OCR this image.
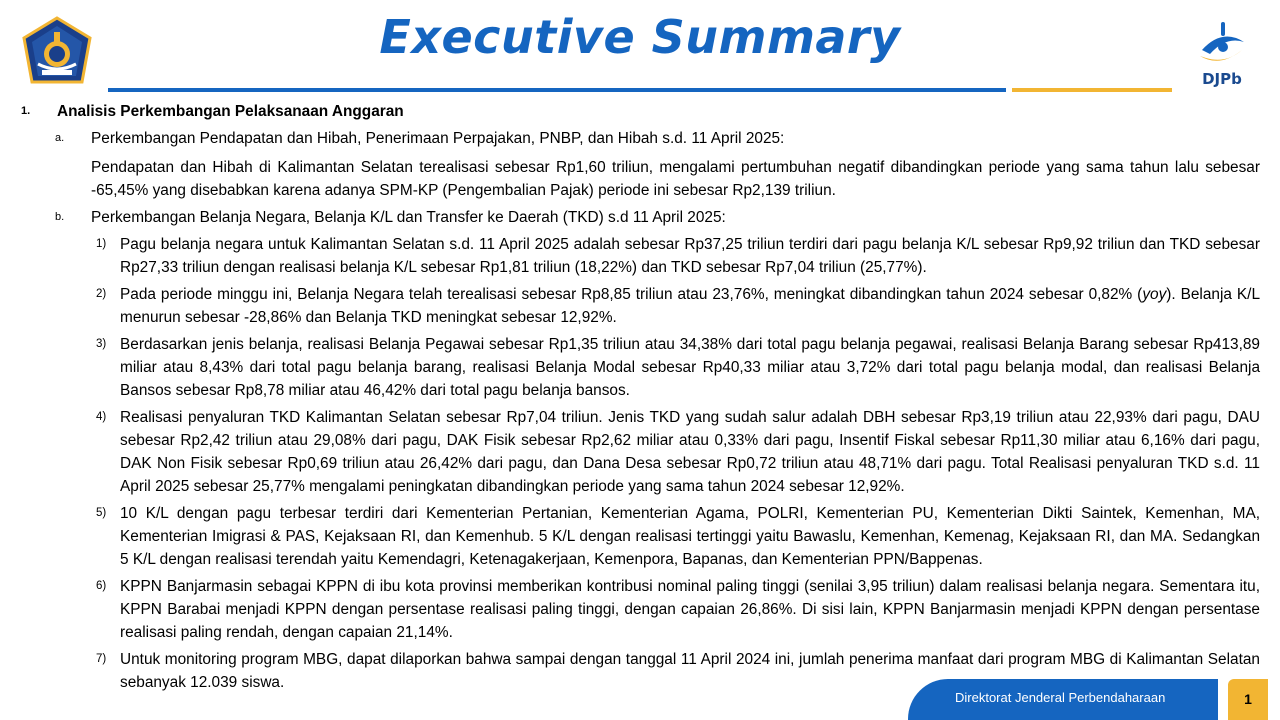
Executive Summary
DJPb
1. Analisis Perkembangan Pelaksanaan Anggaran
a. Perkembangan Pendapatan dan Hibah, Penerimaan Perpajakan, PNBP, dan Hibah s.d. 11 April 2025:
Pendapatan dan Hibah di Kalimantan Selatan terealisasi sebesar Rp1,60 triliun, mengalami pertumbuhan negatif dibandingkan periode yang sama tahun lalu sebesar -65,45% yang disebabkan karena adanya SPM-KP (Pengembalian Pajak) periode ini sebesar Rp2,139 triliun.
b. Perkembangan Belanja Negara, Belanja K/L dan Transfer ke Daerah (TKD) s.d 11 April 2025:
1) Pagu belanja negara untuk Kalimantan Selatan s.d. 11 April 2025 adalah sebesar Rp37,25 triliun terdiri dari pagu belanja K/L sebesar Rp9,92 triliun dan TKD sebesar Rp27,33 triliun dengan realisasi belanja K/L sebesar Rp1,81 triliun (18,22%) dan TKD sebesar Rp7,04 triliun (25,77%).
2) Pada periode minggu ini, Belanja Negara telah terealisasi sebesar Rp8,85 triliun atau 23,76%, meningkat dibandingkan tahun 2024 sebesar 0,82% (yoy). Belanja K/L menurun sebesar -28,86% dan Belanja TKD meningkat sebesar 12,92%.
3) Berdasarkan jenis belanja, realisasi Belanja Pegawai sebesar Rp1,35 triliun atau 34,38% dari total pagu belanja pegawai, realisasi Belanja Barang sebesar Rp413,89 miliar atau 8,43% dari total pagu belanja barang, realisasi Belanja Modal sebesar Rp40,33 miliar atau 3,72% dari total pagu belanja modal, dan realisasi Belanja Bansos sebesar Rp8,78 miliar atau 46,42% dari total pagu belanja bansos.
4) Realisasi penyaluran TKD Kalimantan Selatan sebesar Rp7,04 triliun. Jenis TKD yang sudah salur adalah DBH sebesar Rp3,19 triliun atau 22,93% dari pagu, DAU sebesar Rp2,42 triliun atau 29,08% dari pagu, DAK Fisik sebesar Rp2,62 miliar atau 0,33% dari pagu, Insentif Fiskal sebesar Rp11,30 miliar atau 6,16% dari pagu, DAK Non Fisik sebesar Rp0,69 triliun atau 26,42% dari pagu, dan Dana Desa sebesar Rp0,72 triliun atau 48,71% dari pagu. Total Realisasi penyaluran TKD s.d. 11 April 2025 sebesar 25,77% mengalami peningkatan dibandingkan periode yang sama tahun 2024 sebesar 12,92%.
5) 10 K/L dengan pagu terbesar terdiri dari Kementerian Pertanian, Kementerian Agama, POLRI, Kementerian PU, Kementerian Dikti Saintek, Kemenhan, MA, Kementerian Imigrasi & PAS, Kejaksaan RI, dan Kemenhub. 5 K/L dengan realisasi tertinggi yaitu Bawaslu, Kemenhan, Kemenag, Kejaksaan RI, dan MA. Sedangkan 5 K/L dengan realisasi terendah yaitu Kemendagri, Ketenagakerjaan, Kemenpora, Bapanas, dan Kementerian PPN/Bappenas.
6) KPPN Banjarmasin sebagai KPPN di ibu kota provinsi memberikan kontribusi nominal paling tinggi (senilai 3,95 triliun) dalam realisasi belanja negara. Sementara itu, KPPN Barabai menjadi KPPN dengan persentase realisasi paling tinggi, dengan capaian 26,86%. Di sisi lain, KPPN Banjarmasin menjadi KPPN dengan persentase realisasi paling rendah, dengan capaian 21,14%.
7) Untuk monitoring program MBG, dapat dilaporkan bahwa sampai dengan tanggal 11 April 2024 ini, jumlah penerima manfaat dari program MBG di Kalimantan Selatan sebanyak 12.039 siswa.
Direktorat Jenderal Perbendaharaan	1
